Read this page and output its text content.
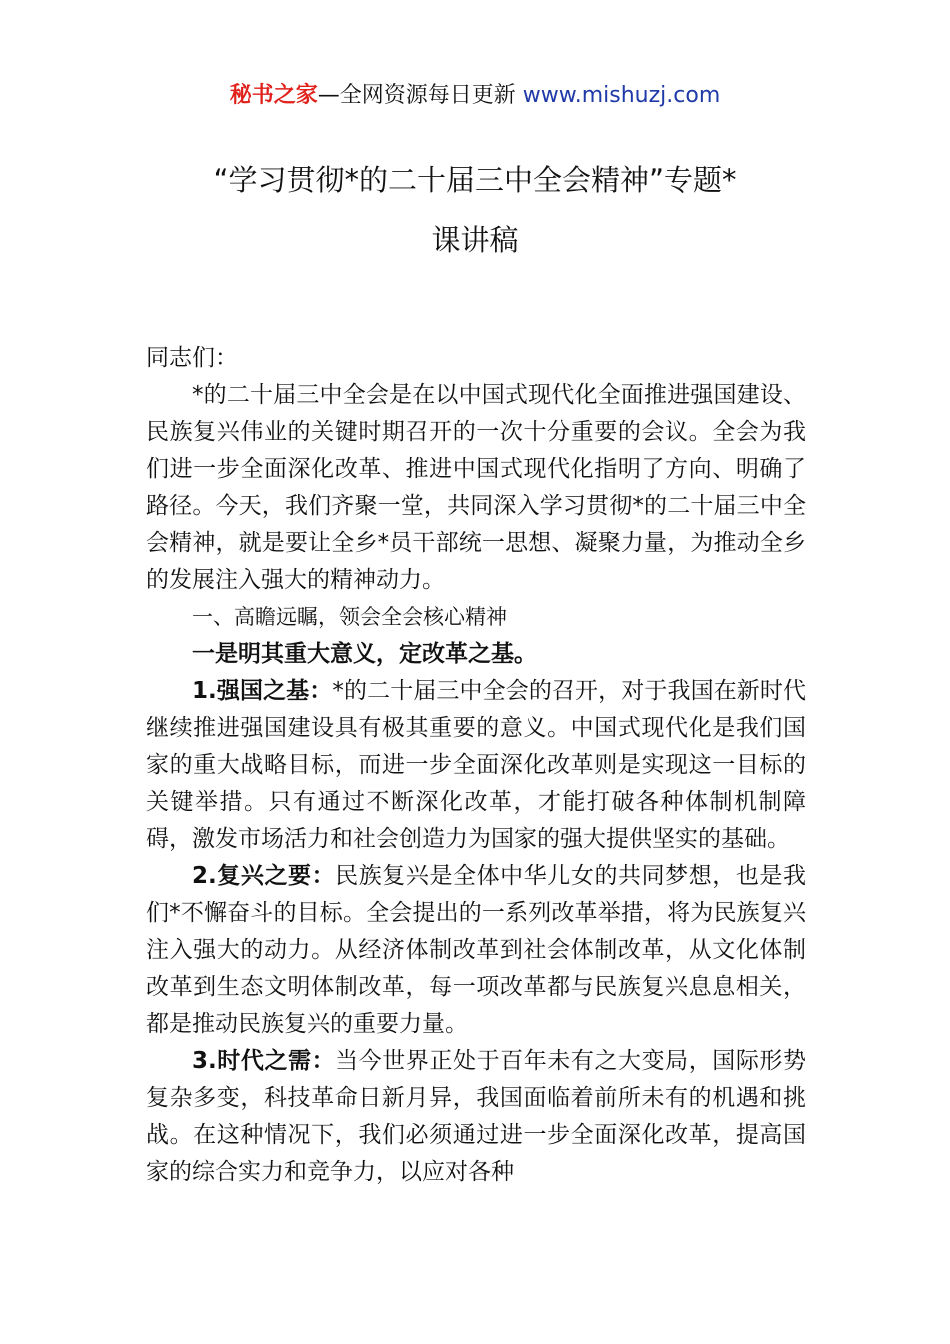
秘书之家—全网资源每日更新 www.mishuzj.com
“学习贯彻*的二十届三中全会精神”专题*
课讲稿

同志们：

*的二十届三中全会是在以中国式现代化全面推进强国建设、民族复兴伟业的关键时期召开的一次十分重要的会议。全会为我们进一步全面深化改革、推进中国式现代化指明了方向、明确了路径。今天，我们齐聚一堂，共同深入学习贯彻*的二十届三中全会精神，就是要让全乡*员干部统一思想、凝聚力量，为推动全乡的发展注入强大的精神动力。

一、高瞻远瞩，领会全会核心精神

一是明其重大意义，定改革之基。

1.强国之基：*的二十届三中全会的召开，对于我国在新时代继续推进强国建设具有极其重要的意义。中国式现代化是我们国家的重大战略目标，而进一步全面深化改革则是实现这一目标的关键举措。只有通过不断深化改革，才能打破各种体制机制障碍，激发市场活力和社会创造力为国家的强大提供坚实的基础。

2.复兴之要：民族复兴是全体中华儿女的共同梦想，也是我们*不懈奋斗的目标。全会提出的一系列改革举措，将为民族复兴注入强大的动力。从经济体制改革到社会体制改革，从文化体制改革到生态文明体制改革，每一项改革都与民族复兴息息相关，都是推动民族复兴的重要力量。

3.时代之需：当今世界正处于百年未有之大变局，国际形势复杂多变，科技革命日新月异，我国面临着前所未有的机遇和挑战。在这种情况下，我们必须通过进一步全面深化改革，提高国家的综合实力和竞争力，以应对各种
